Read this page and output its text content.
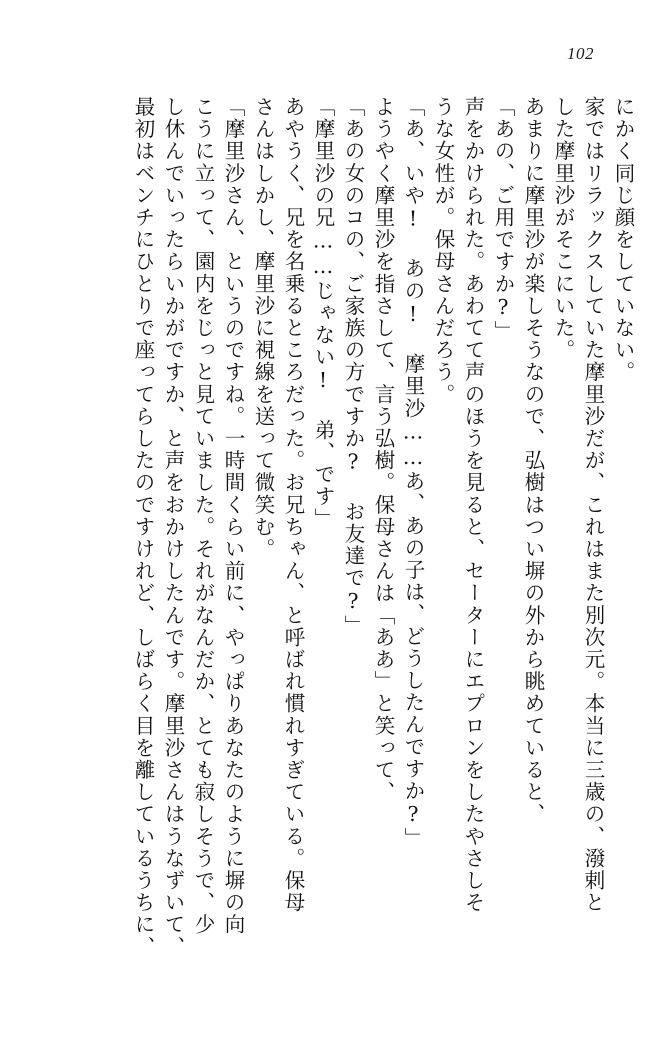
102
にかく同じ顔をしていない。
家ではリラックスしていた摩里沙だが、これはまた別次元。本当に三歳の、潑剌と
した摩里沙がそこにいた。
あまりに摩里沙が楽しそうなので、弘樹はつい塀の外から眺めていると、
「あの、ご用ですか?」
声をかけられた。あわてて声のほうを見ると、セーターにエプロンをしたやさしそ
うな女性が。保母さんだろう。
「あ、いや! あの! 摩里沙……あ、あの子は、どうしたんですか?」
ようやく摩里沙を指さして、言う弘樹。保母さんは「ああ」と笑って、
「あの女のコの、ご家族の方ですか? お友達で?」
「摩里沙の兄……じゃない! 弟、です」
あやうく、兄を名乗るところだった。お兄ちゃん、と呼ばれ慣れすぎている。保母
さんはしかし、摩里沙に視線を送って微笑む。
「摩里沙さん、というのですね。一時間くらい前に、やっぱりあなたのように塀の向
こうに立って、園内をじっと見ていました。それがなんだか、とても寂しそうで、少
し休んでいったらいかがですか、と声をおかけしたんです。摩里沙さんはうなずいて、
最初はベンチにひとりで座ってらしたのですけれど、しばらく目を離しているうちに、
